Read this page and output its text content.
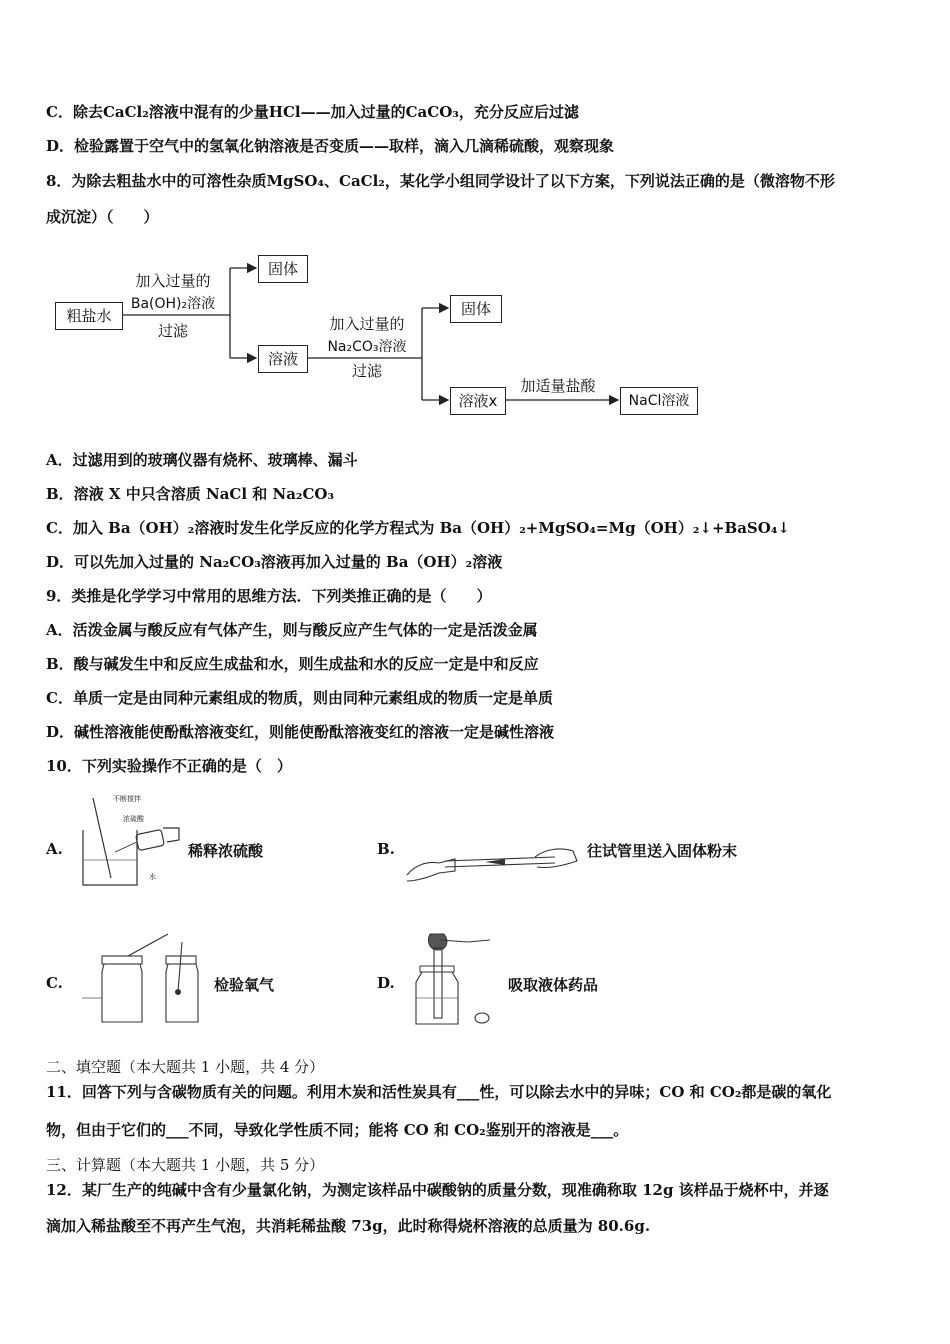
C．除去CaCl₂溶液中混有的少量HCl——加入过量的CaCO₃，充分反应后过滤
D．检验露置于空气中的氢氧化钠溶液是否变质——取样，滴入几滴稀硫酸，观察现象
8．为除去粗盐水中的可溶性杂质MgSO₄、CaCl₂，某化学小组同学设计了以下方案，下列说法正确的是（微溶物不形
成沉淀）（　　）
粗盐水
加入过量的
Ba(OH)₂溶液
过滤
固体
溶液
加入过量的
Na₂CO₃溶液
过滤
固体
溶液x
加适量盐酸
NaCl溶液
A．过滤用到的玻璃仪器有烧杯、玻璃棒、漏斗
B．溶液 X 中只含溶质 NaCl 和 Na₂CO₃
C．加入 Ba（OH）₂溶液时发生化学反应的化学方程式为 Ba（OH）₂+MgSO₄=Mg（OH）₂↓+BaSO₄↓
D．可以先加入过量的 Na₂CO₃溶液再加入过量的 Ba（OH）₂溶液
9．类推是化学学习中常用的思维方法．下列类推正确的是（　　）
A．活泼金属与酸反应有气体产生，则与酸反应产生气体的一定是活泼金属
B．酸与碱发生中和反应生成盐和水，则生成盐和水的反应一定是中和反应
C．单质一定是由同种元素组成的物质，则由同种元素组成的物质一定是单质
D．碱性溶液能使酚酞溶液变红，则能使酚酞溶液变红的溶液一定是碱性溶液
10．下列实验操作不正确的是（　）
A.
不断搅拌
浓硫酸
水
稀释浓硫酸	B.	往试管里送入固体粉末
C.	检验氧气	D.	吸取液体药品
二、填空题（本大题共 1 小题，共 4 分）
11．回答下列与含碳物质有关的问题。利用木炭和活性炭具有___性，可以除去水中的异味；CO 和 CO₂都是碳的氧化
物，但由于它们的___不同，导致化学性质不同；能将 CO 和 CO₂鉴别开的溶液是___。
三、计算题（本大题共 1 小题，共 5 分）
12．某厂生产的纯碱中含有少量氯化钠，为测定该样品中碳酸钠的质量分数，现准确称取 12g 该样品于烧杯中，并逐
滴加入稀盐酸至不再产生气泡，共消耗稀盐酸 73g，此时称得烧杯溶液的总质量为 80.6g.
